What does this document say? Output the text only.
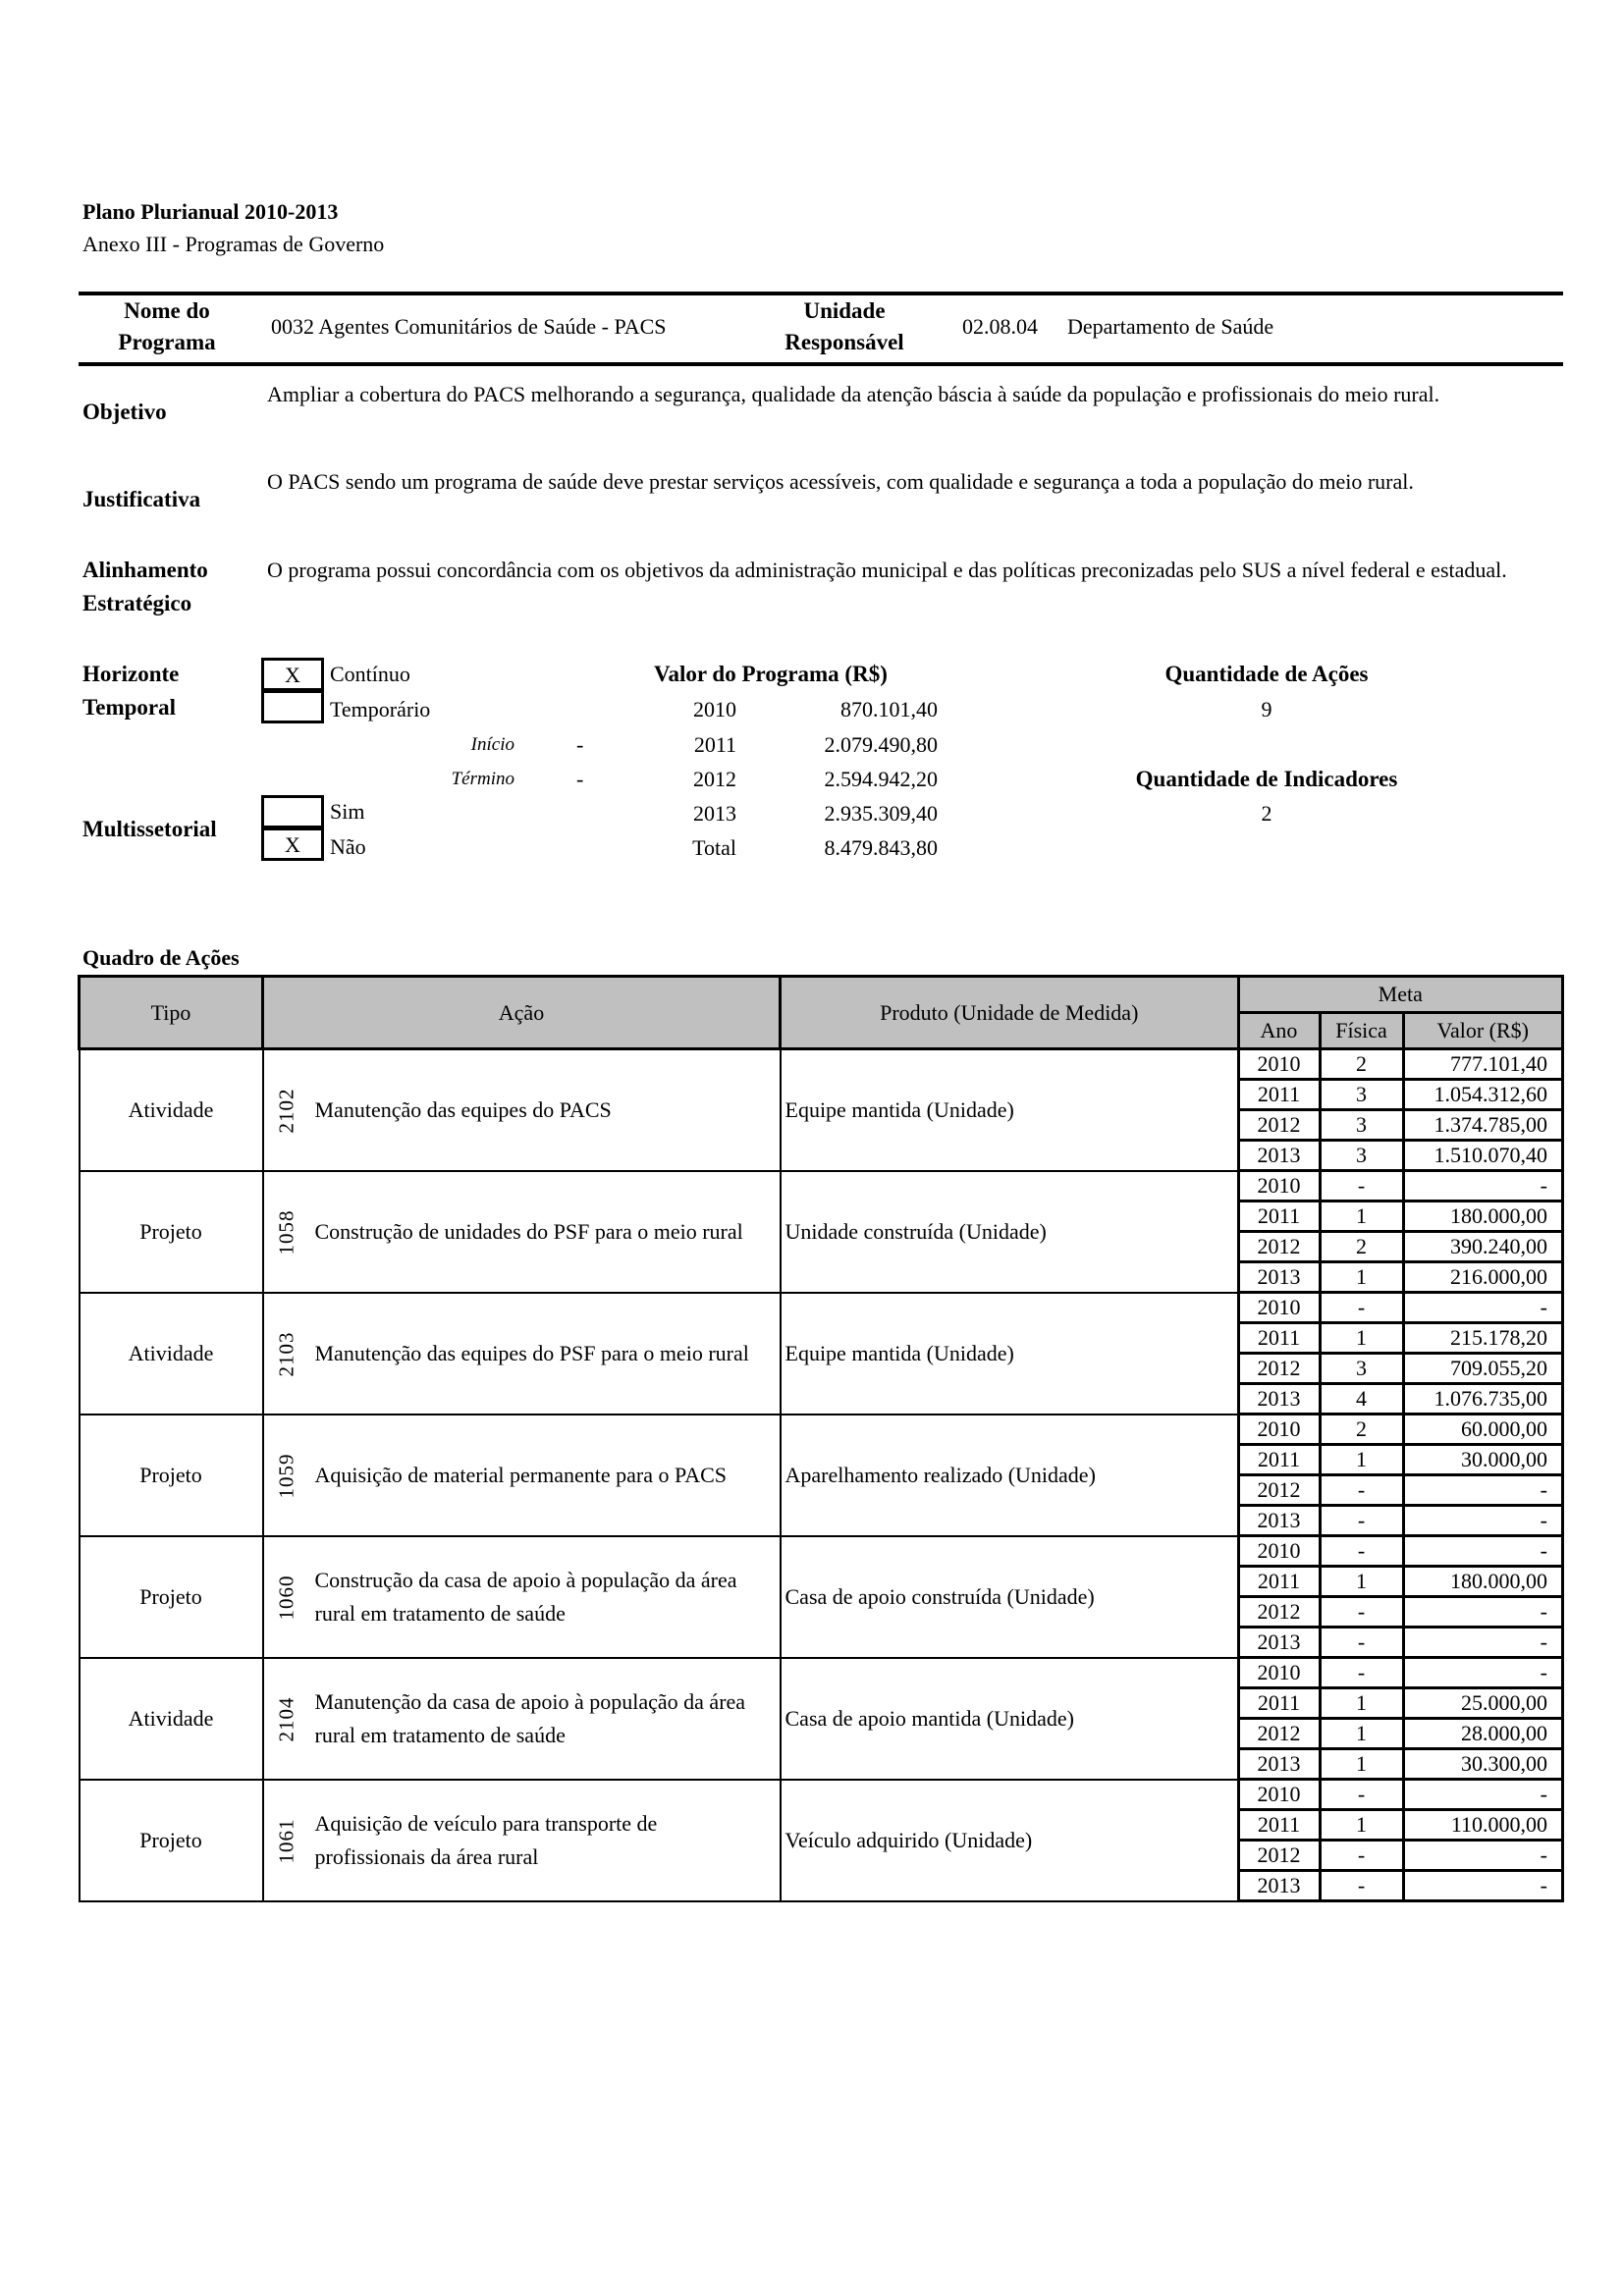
Plano Plurianual 2010-2013
Anexo III - Programas de Governo
Nome do
Programa
0032 Agentes Comunitários de Saúde - PACS
Unidade
Responsável
02.08.04 Departamento de Saúde
Objetivo
Ampliar a cobertura do PACS melhorando a segurança, qualidade da atenção báscia à saúde da população e profissionais do meio rural.
Justificativa
O PACS sendo um programa de saúde deve prestar serviços acessíveis, com qualidade e segurança a toda a população do meio rural.
Alinhamento
Estratégico
O programa possui concordância com os objetivos da administração municipal e das políticas preconizadas pelo SUS a nível federal e estadual.
Horizonte
Temporal
X	Contínuo
Temporário
Início	-
Término	-
Multissetorial
Sim
X	Não
Valor do Programa (R$)
2010	870.101,40
2011	2.079.490,80
2012	2.594.942,20
2013	2.935.309,40
Total	8.479.843,80
Quantidade de Ações
9
Quantidade de Indicadores
2
Quadro de Ações
Tipo	Ação		Produto (Unidade de Medida)	Meta		
				Ano	Física	Valor (R$)
Atividade	2102	Manutenção das equipes do PACS	Equipe mantida (Unidade)	2010	2	777.101,40
				2011	3	1.054.312,60
				2012	3	1.374.785,00
				2013	3	1.510.070,40
Projeto	1058	Construção de unidades do PSF para o meio rural	Unidade construída (Unidade)	2010	-	-
				2011	1	180.000,00
				2012	2	390.240,00
				2013	1	216.000,00
Atividade	2103	Manutenção das equipes do PSF para o meio rural	Equipe mantida (Unidade)	2010	-	-
				2011	1	215.178,20
				2012	3	709.055,20
				2013	4	1.076.735,00
Projeto	1059	Aquisição de material permanente para o PACS	Aparelhamento realizado (Unidade)	2010	2	60.000,00
				2011	1	30.000,00
				2012	-	-
				2013	-	-
Projeto	1060	Construção da casa de apoio à população da área rural em tratamento de saúde	Casa de apoio construída (Unidade)	2010	-	-
				2011	1	180.000,00
				2012	-	-
				2013	-	-
Atividade	2104	Manutenção da casa de apoio à população da área rural em tratamento de saúde	Casa de apoio mantida (Unidade)	2010	-	-
				2011	1	25.000,00
				2012	1	28.000,00
				2013	1	30.300,00
Projeto	1061	Aquisição de veículo para transporte de profissionais da área rural	Veículo adquirido (Unidade)	2010	-	-
				2011	1	110.000,00
				2012	-	-
				2013	-	-
